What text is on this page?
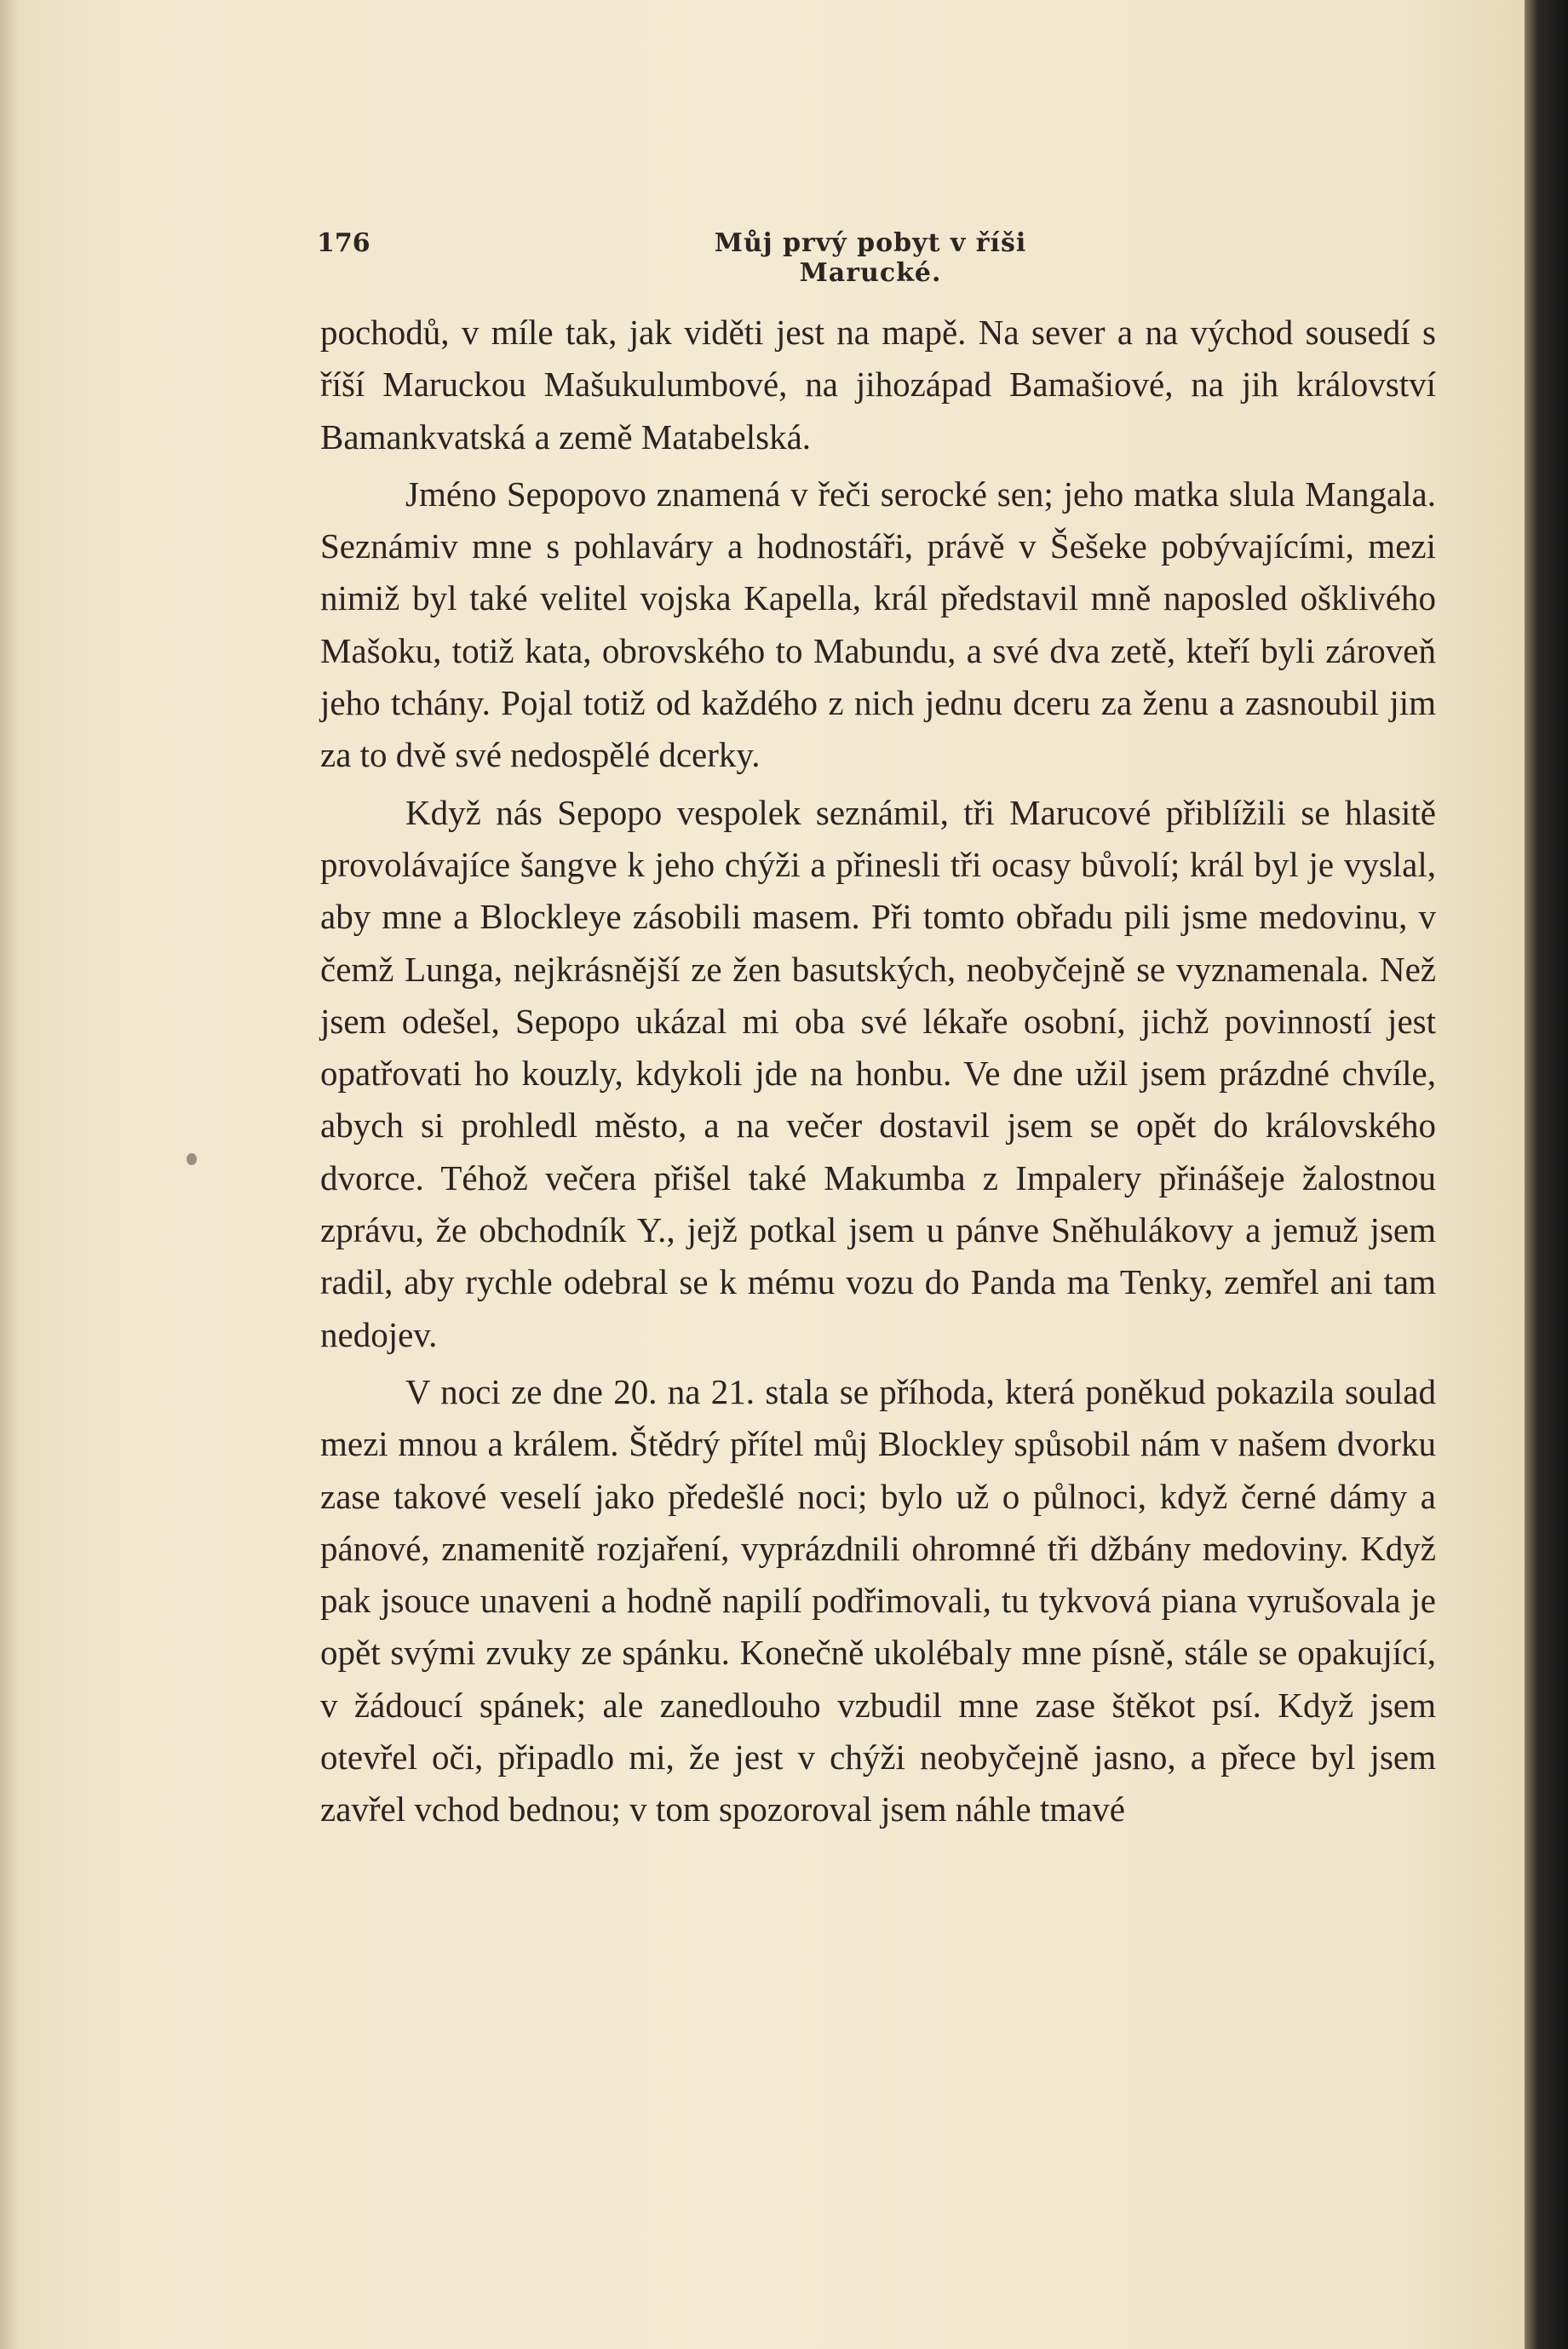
176	Můj prvý pobyt v říši Marucké.

pochodů, v míle tak, jak viděti jest na mapě. Na sever a na východ sousedí s říší Maruckou Mašukulumbové, na jihozápad Bamašiové, na jih království Bamankvatská a země Matabelská.

Jméno Sepopovo znamená v řeči serocké sen; jeho matka slula Mangala. Seznámiv mne s pohlaváry a hodnostáři, právě v Šešeke pobývajícími, mezi nimiž byl také velitel vojska Kapella, král představil mně naposled ošklivého Mašoku, totiž kata, obrovského to Mabundu, a své dva zetě, kteří byli zároveň jeho tchány. Pojal totiž od každého z nich jednu dceru za ženu a zasnoubil jim za to dvě své nedospělé dcerky.

Když nás Sepopo vespolek seznámil, tři Marucové přiblížili se hlasitě provolávajíce šangve k jeho chýži a přinesli tři ocasy bůvolí; král byl je vyslal, aby mne a Blockleye zásobili masem. Při tomto obřadu pili jsme medovinu, v čemž Lunga, nejkrásnější ze žen basutských, neobyčejně se vyznamenala. Než jsem odešel, Sepopo ukázal mi oba své lékaře osobní, jichž povinností jest opatřovati ho kouzly, kdykoli jde na honbu. Ve dne užil jsem prázdné chvíle, abych si prohledl město, a na večer dostavil jsem se opět do královského dvorce. Téhož večera přišel také Makumba z Impalery přinášeje žalostnou zprávu, že obchodník Y., jejž potkal jsem u pánve Sněhulákovy a jemuž jsem radil, aby rychle odebral se k mému vozu do Panda ma Tenky, zemřel ani tam nedojev.

V noci ze dne 20. na 21. stala se příhoda, která poněkud pokazila soulad mezi mnou a králem. Štědrý přítel můj Blockley spůsobil nám v našem dvorku zase takové veselí jako předešlé noci; bylo už o půlnoci, když černé dámy a pánové, znamenitě rozjaření, vyprázdnili ohromné tři džbány medoviny. Když pak jsouce unaveni a hodně napilí podřimovali, tu tykvová piana vyrušovala je opět svými zvuky ze spánku. Konečně ukolébaly mne písně, stále se opakující, v žádoucí spánek; ale zanedlouho vzbudil mne zase štěkot psí. Když jsem otevřel oči, připadlo mi, že jest v chýži neobyčejně jasno, a přece byl jsem zavřel vchod bednou; v tom spozoroval jsem náhle tmavé
